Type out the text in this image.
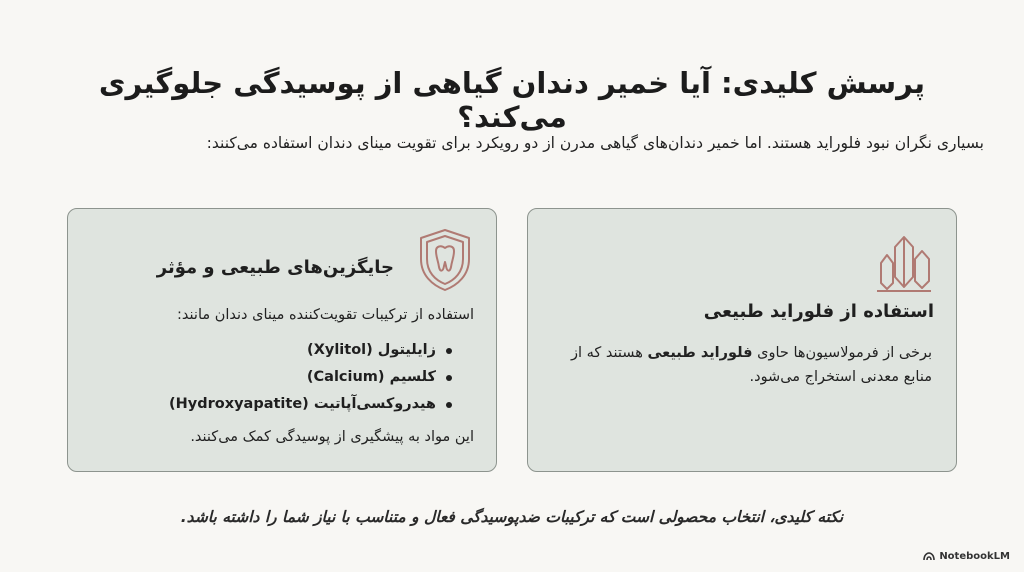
پرسش کلیدی: آیا خمیر دندان گیاهی از پوسیدگی جلوگیری می‌کند؟
بسیاری نگران نبود فلوراید هستند. اما خمیر دندان‌های گیاهی مدرن از دو رویکرد برای تقویت مینای دندان استفاده می‌کنند:
استفاده از فلوراید طبیعی
برخی از فرمولاسیون‌ها حاوی فلوراید طبیعی هستند که از منابع معدنی استخراج می‌شود.
جایگزین‌های طبیعی و مؤثر
استفاده از ترکیبات تقویت‌کننده مینای دندان مانند:
زایلیتول (Xylitol)
کلسیم (Calcium)
هیدروکسی‌آپاتیت (Hydroxyapatite)
این مواد به پیشگیری از پوسیدگی کمک می‌کنند.
نکته کلیدی، انتخاب محصولی است که ترکیبات ضدپوسیدگی فعال و متناسب با نیاز شما را داشته باشد.
NotebookLM
